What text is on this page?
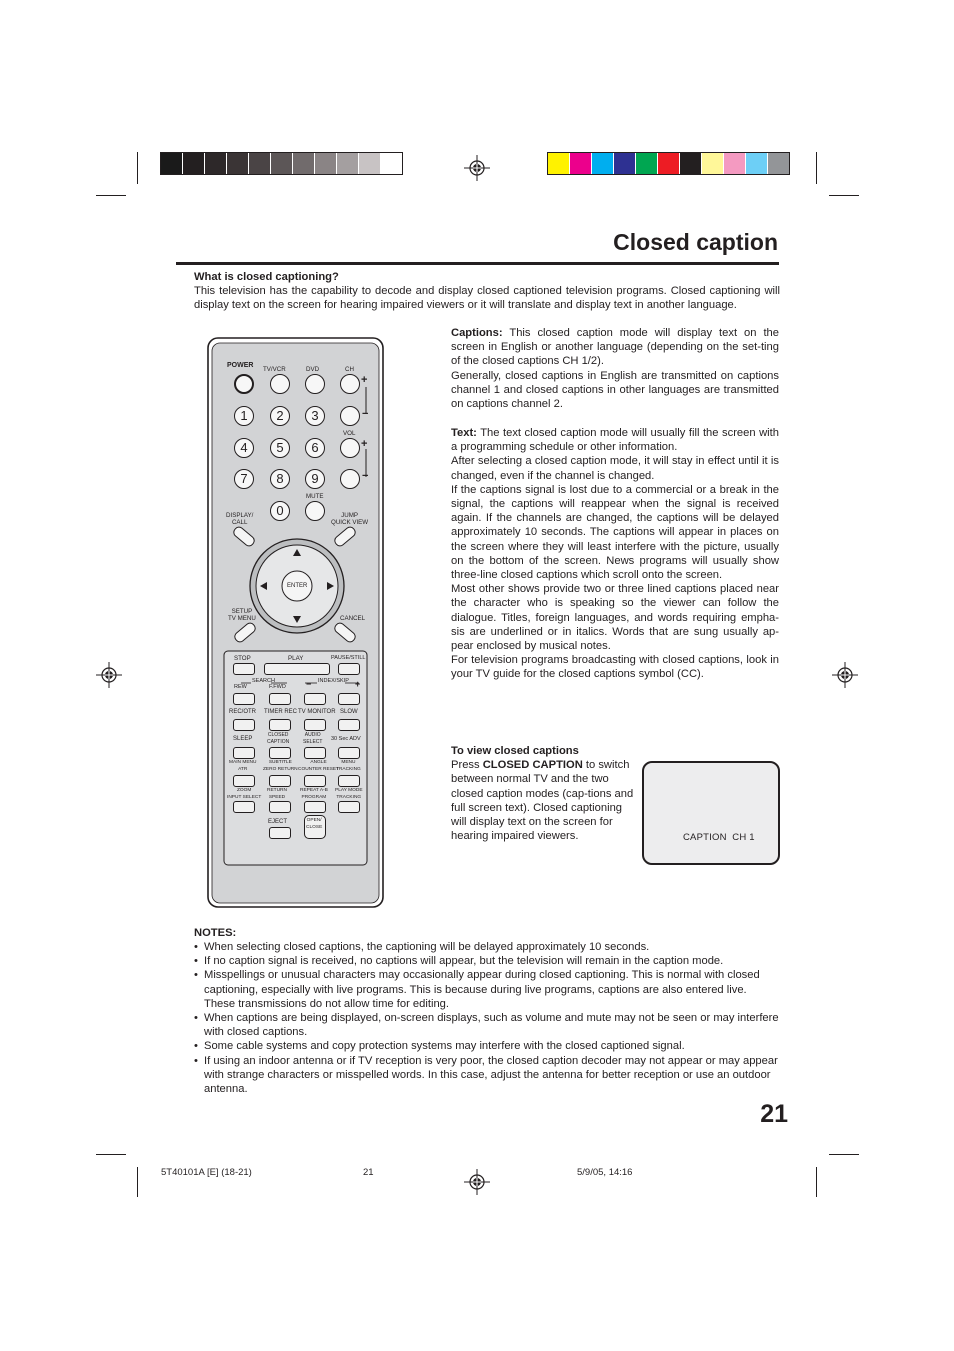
Closed caption
What is closed captioning?
This television has the capability to decode and display closed captioned television programs. Closed captioning will display text on the screen for hearing impaired viewers or it will translate and display text in another language.
POWER
TV/VCR	DVD	CH
+
−
1	2	3
VOL
4	5	6	+
7	8	9	−
MUTE
0
DISPLAY/
CALL
JUMP
QUICK VIEW
ENTER
SETUP
TV MENU	CANCEL
STOP	PLAY	PAUSE/STILL
SEARCH	INDEX/SKIP
REW	F.FWD −	+
REC/OTR TIMER REC TV MONITOR SLOW
SLEEP
CLOSED
CAPTION
AUDIO
SELECT 30 Sec ADV
MAIN MENU
ATR
SUBTITLE
ZERO RETURN
ANGLE
COUNTER RESET
MENU
TRACKING
ZOOM
INPUT SELECT
RETURN
SPEED
REPEAT A-B
PROGRAM
PLAY MODE
TRACKING
EJECT	OPEN/
CLOSE

Captions: This closed caption mode will display text on the screen in English or another language (depending on the set-ting of the closed captions CH 1/2).

Generally, closed captions in English are transmitted on captions channel 1 and closed captions in other languages are transmitted on captions channel 2.

Text: The text closed caption mode will usually fill the screen with a programming schedule or other information.

After selecting a closed caption mode, it will stay in effect until it is changed, even if the channel is changed.

If the captions signal is lost due to a commercial or a break in the signal, the captions will reappear when the signal is received again. If the channels are changed, the captions will be delayed approximately 10 seconds. The captions will appear in places on the screen where they will least interfere with the picture, usually on the bottom of the screen. News programs will usually show three-line closed captions which scroll onto the screen.

Most other shows provide two or three lined captions placed near the character who is speaking so the viewer can follow the dialogue. Titles, foreign languages, and words requiring empha-sis are underlined or in italics. Words that are sung usually ap-pear enclosed by musical notes.

For television programs broadcasting with closed captions, look in your TV guide for the closed captions symbol (CC).

To view closed captions

Press CLOSED CAPTION to switch between normal TV and the two closed caption modes (cap-tions and full screen text). Closed captioning will display text on the screen for hearing impaired viewers.	CAPTION  CH 1
NOTES:
• When selecting closed captions, the captioning will be delayed approximately 10 seconds.
• If no caption signal is received, no captions will appear, but the television will remain in the caption mode.
• Misspellings or unusual characters may occasionally appear during closed captioning. This is normal with closed captioning, especially with live programs. This is because during live programs, captions are also entered live. These transmissions do not allow time for editing.
• When captions are being displayed, on-screen displays, such as volume and mute may not be seen or may interfere with closed captions.
• Some cable systems and copy protection systems may interfere with the closed captioned signal.
• If using an indoor antenna or if TV reception is very poor, the closed caption decoder may not appear or may appear with strange characters or misspelled words. In this case, adjust the antenna for better reception or use an outdoor antenna.
21
5T40101A [E] (18-21)	21	5/9/05, 14:16
